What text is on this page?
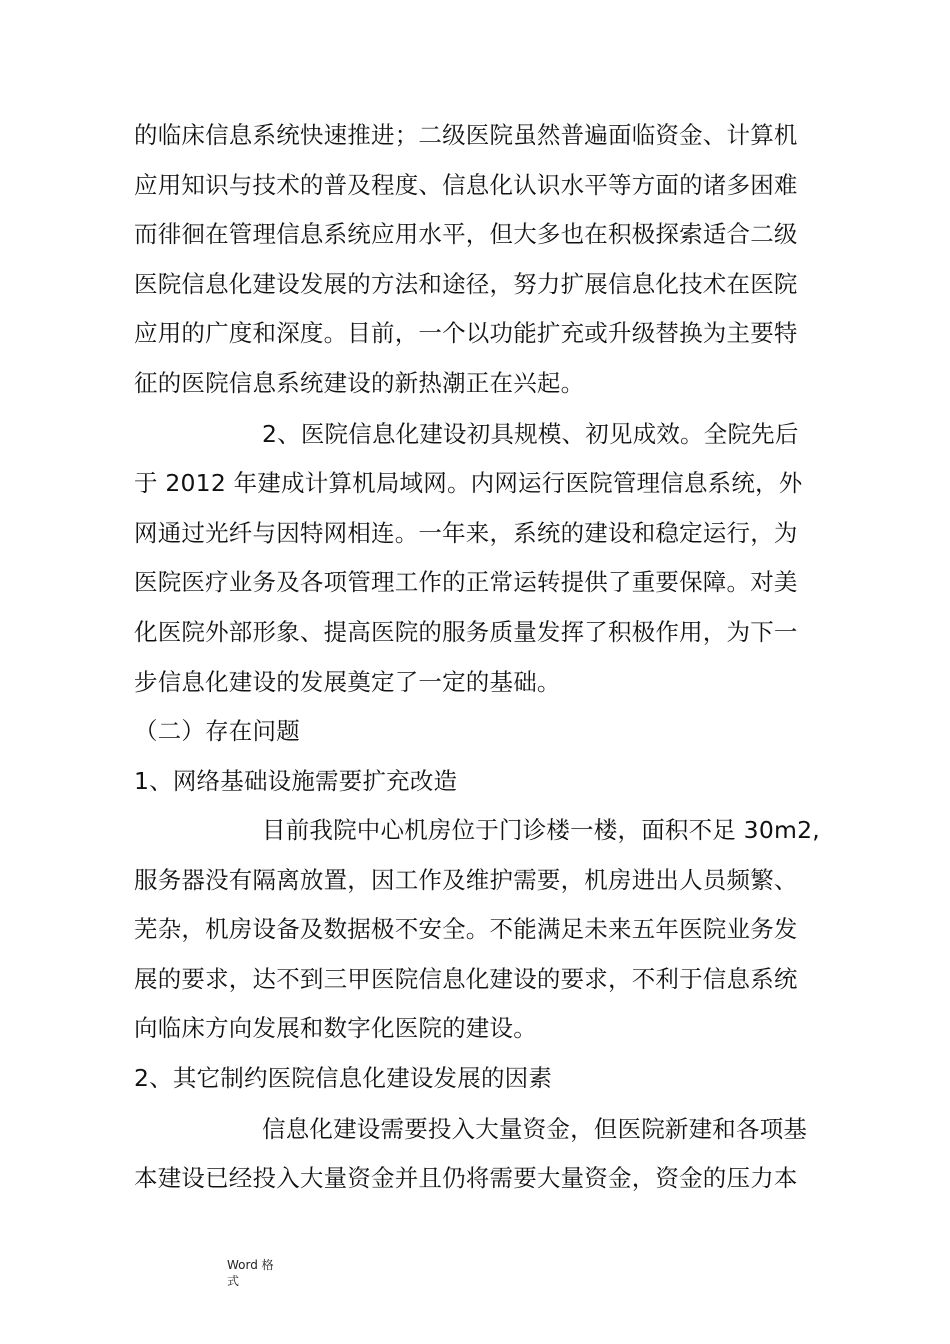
的临床信息系统快速推进；二级医院虽然普遍面临资金、计算机
应用知识与技术的普及程度、信息化认识水平等方面的诸多困难
而徘徊在管理信息系统应用水平，但大多也在积极探索适合二级
医院信息化建设发展的方法和途径，努力扩展信息化技术在医院
应用的广度和深度。目前，一个以功能扩充或升级替换为主要特
征的医院信息系统建设的新热潮正在兴起。
2、医院信息化建设初具规模、初见成效。全院先后
于 2012 年建成计算机局域网。内网运行医院管理信息系统，外
网通过光纤与因特网相连。一年来，系统的建设和稳定运行，为
医院医疗业务及各项管理工作的正常运转提供了重要保障。对美
化医院外部形象、提高医院的服务质量发挥了积极作用，为下一
步信息化建设的发展奠定了一定的基础。
（二）存在问题
1、网络基础设施需要扩充改造
目前我院中心机房位于门诊楼一楼，面积不足 30m2,
服务器没有隔离放置，因工作及维护需要，机房进出人员频繁、
芜杂，机房设备及数据极不安全。不能满足未来五年医院业务发
展的要求，达不到三甲医院信息化建设的要求，不利于信息系统
向临床方向发展和数字化医院的建设。
2、其它制约医院信息化建设发展的因素
信息化建设需要投入大量资金，但医院新建和各项基
本建设已经投入大量资金并且仍将需要大量资金，资金的压力本
Word 格
式
